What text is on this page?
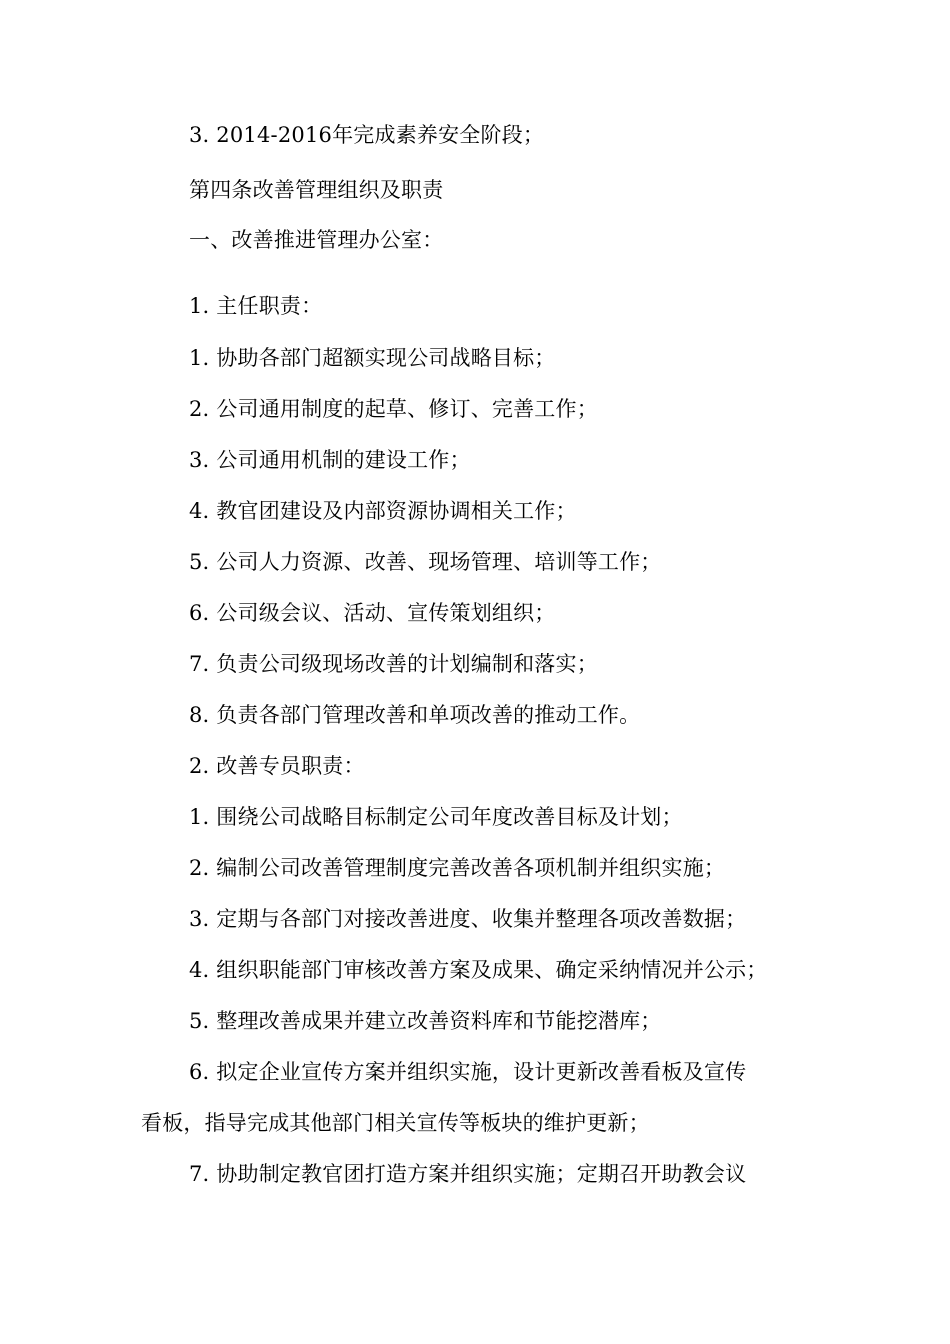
3. 2014-2016年完成素养安全阶段；
第四条改善管理组织及职责
一、改善推进管理办公室：
1. 主任职责：
1. 协助各部门超额实现公司战略目标；
2. 公司通用制度的起草、修订、完善工作；
3. 公司通用机制的建设工作；
4. 教官团建设及内部资源协调相关工作；
5. 公司人力资源、改善、现场管理、培训等工作；
6. 公司级会议、活动、宣传策划组织；
7. 负责公司级现场改善的计划编制和落实；
8. 负责各部门管理改善和单项改善的推动工作。
2. 改善专员职责：
1. 围绕公司战略目标制定公司年度改善目标及计划；
2. 编制公司改善管理制度完善改善各项机制并组织实施；
3. 定期与各部门对接改善进度、收集并整理各项改善数据；
4. 组织职能部门审核改善方案及成果、确定采纳情况并公示；
5. 整理改善成果并建立改善资料库和节能挖潜库；
6. 拟定企业宣传方案并组织实施，设计更新改善看板及宣传
看板，指导完成其他部门相关宣传等板块的维护更新；
7. 协助制定教官团打造方案并组织实施；定期召开助教会议
